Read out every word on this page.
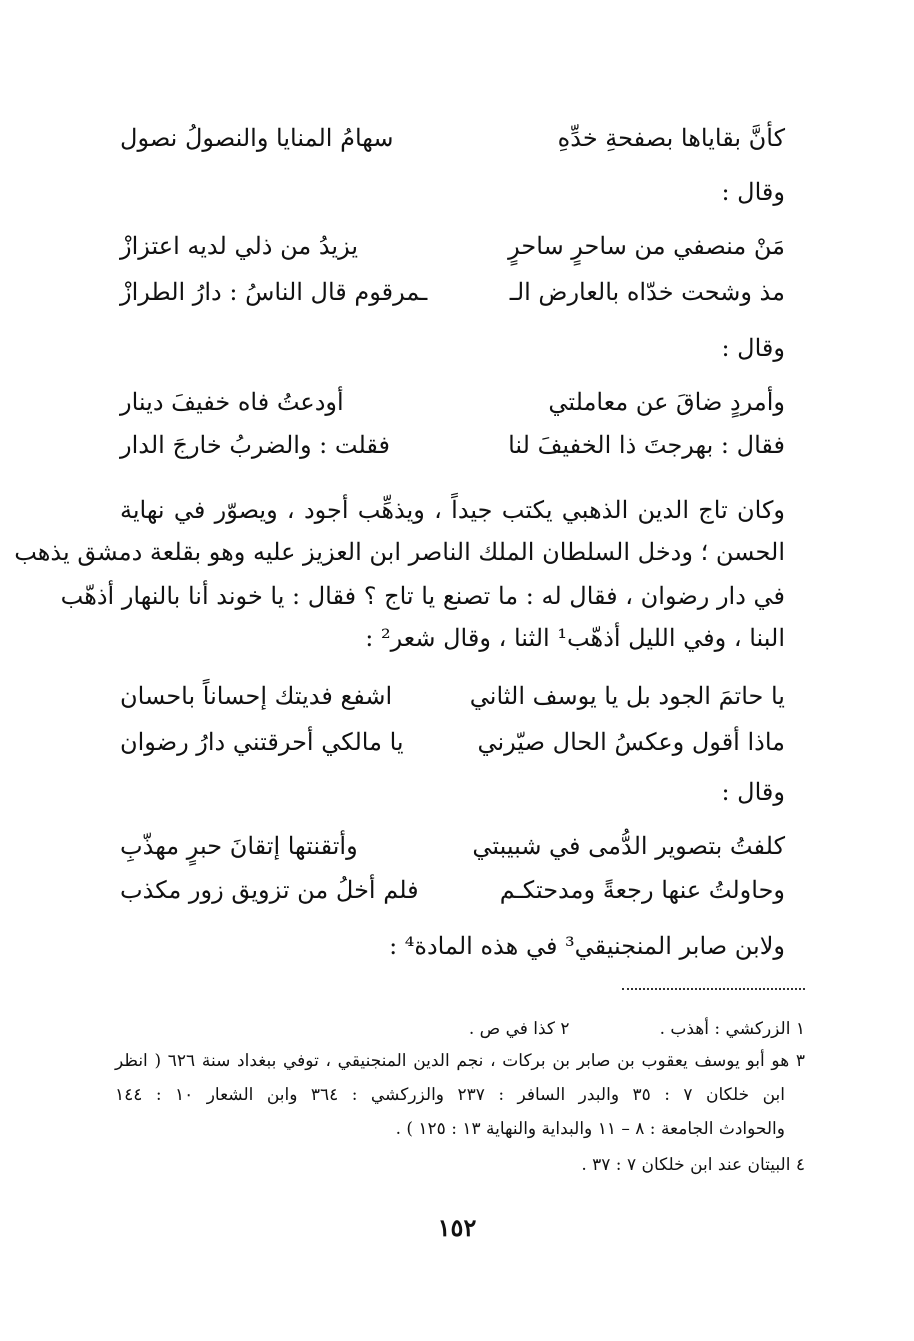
كأنَّ بقاياها بصفحةِ خدِّهِ
سهامُ المنايا والنصولُ نصول
وقال :
مَنْ منصفي من ساحرٍ ساحرٍ
يزيدُ من ذلي لديه اعتزازْ
مذ وشحت خدّاه بالعارض الـ
ـمرقوم قال الناسُ : دارُ الطرازْ
وقال :
وأمردٍ ضاقَ عن معاملتي
أودعتُ فاه خفيفَ دينار
فقال : بهرجتَ ذا الخفيفَ لنا
فقلت : والضربُ خارجَ الدار
وكان تاج الدين الذهبي يكتب جيداً ، ويذهِّب أجود ، ويصوّر في نهاية
الحسن ؛ ودخل السلطان الملك الناصر ابن العزيز عليه وهو بقلعة دمشق يذهب
في دار رضوان ، فقال له : ما تصنع يا تاج ؟ فقال : يا خوند أنا بالنهار أذهّب
البنا ، وفي الليل أذهّب¹ الثنا ، وقال شعر² :
يا حاتمَ الجود بل يا يوسف الثاني
اشفع فديتك إحساناً باحسان
ماذا أقول وعكسُ الحال صيّرني
يا مالكي أحرقتني دارُ رضوان
وقال :
كلفتُ بتصوير الدُّمى في شبيبتي
وأتقنتها إتقانَ حبرٍ مهذّبِ
وحاولتُ عنها رجعةً ومدحتكـم
فلم أخلُ من تزويق زور مكذب
ولابن صابر المنجنيقي³ في هذه المادة⁴ :
١ الزركشي : أهذب .
٢ كذا في ص .
٣ هو أبو يوسف يعقوب بن صابر بن بركات ، نجم الدين المنجنيقي ، توفي ببغداد سنة ٦٢٦ ( انظر
ابن خلكان ٧ : ٣٥ والبدر السافر : ٢٣٧ والزركشي : ٣٦٤ وابن الشعار ١٠ : ١٤٤
والحوادث الجامعة : ٨ – ١١ والبداية والنهاية ١٣ : ١٢٥ ) .
٤ البيتان عند ابن خلكان ٧ : ٣٧ .
١٥٢
